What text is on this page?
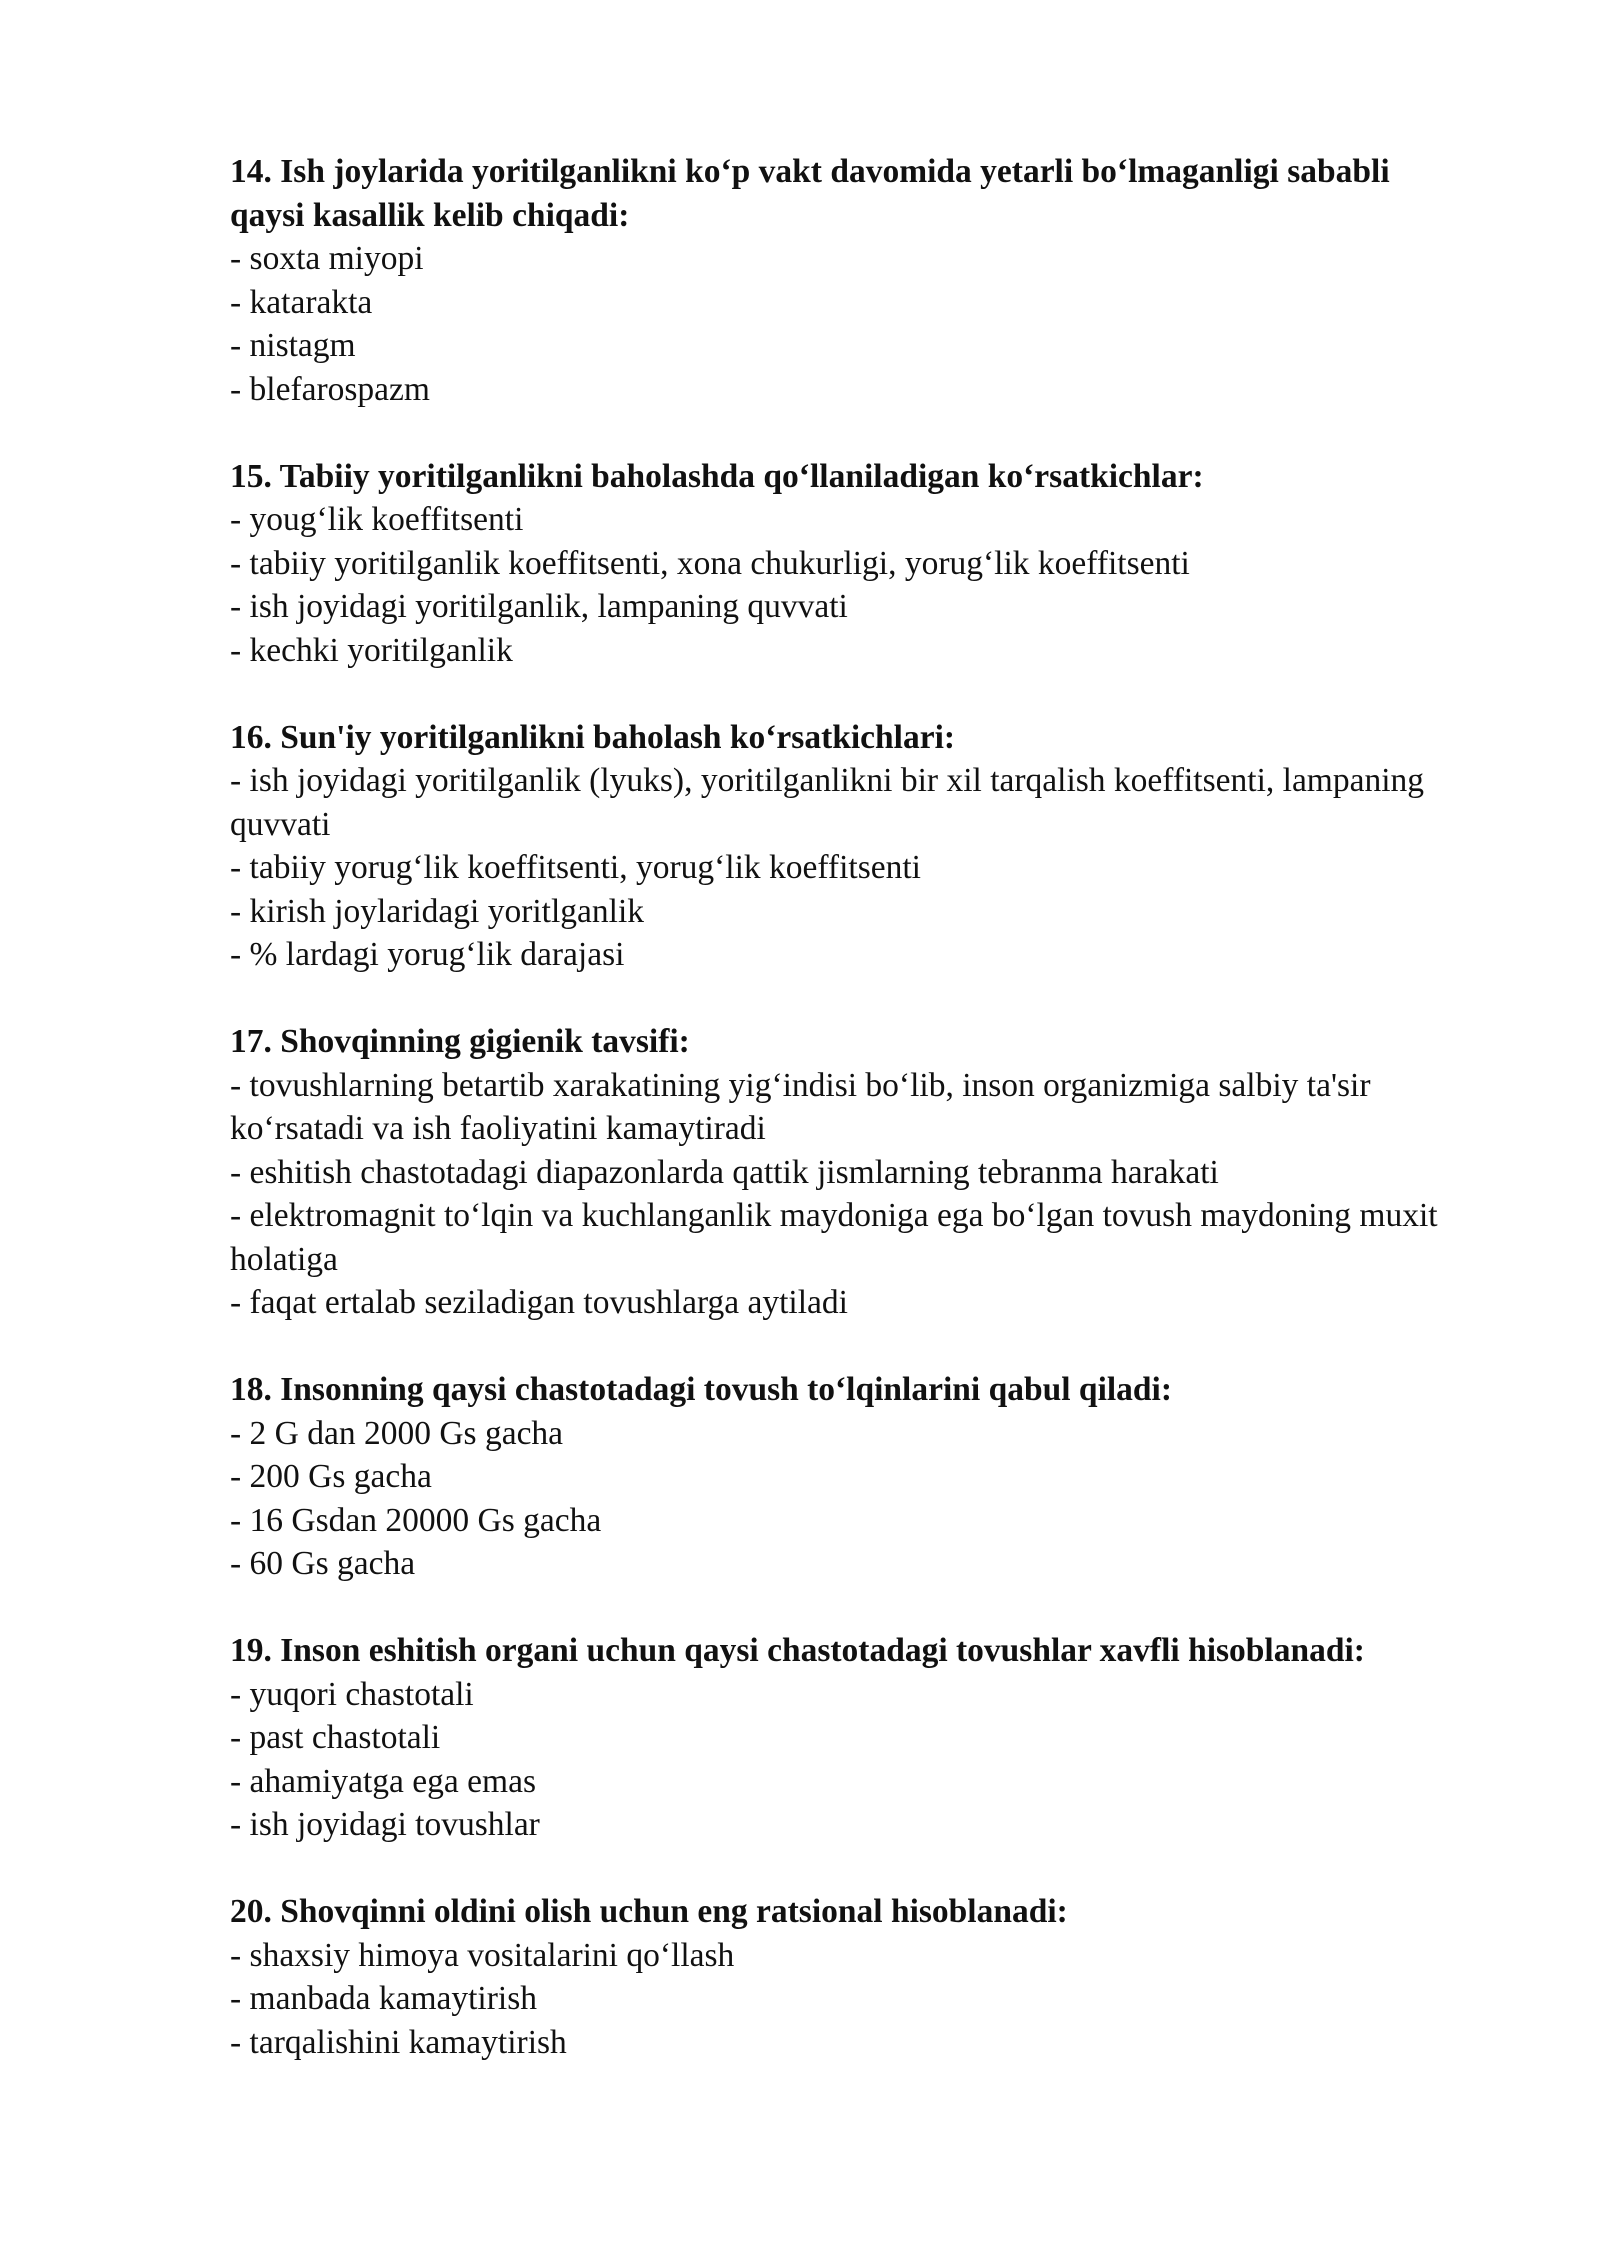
14. Ish joylarida yoritilganlikni ko‘p vakt davomida yetarli bo‘lmaganligi sababli qaysi kasallik kelib chiqadi:

- soxta miyopi
- katarakta
- nistagm
- blefarospazm

15. Tabiiy yoritilganlikni baholashda qo‘llaniladigan ko‘rsatkichlar:

- youg‘lik koeffitsenti
- tabiiy yoritilganlik koeffitsenti, xona chukurligi, yorug‘lik koeffitsenti
- ish joyidagi yoritilganlik, lampaning quvvati
- kechki yoritilganlik

16. Sun'iy yoritilganlikni baholash ko‘rsatkichlari:

- ish joyidagi yoritilganlik (lyuks), yoritilganlikni bir xil tarqalish koeffitsenti, lampaning quvvati
- tabiiy yorug‘lik koeffitsenti, yorug‘lik koeffitsenti
- kirish joylaridagi yoritlganlik
- % lardagi yorug‘lik darajasi

17. Shovqinning gigienik tavsifi:

- tovushlarning betartib xarakatining yig‘indisi bo‘lib, inson organizmiga salbiy ta'sir ko‘rsatadi va ish faoliyatini kamaytiradi
- eshitish chastotadagi diapazonlarda qattik jismlarning tebranma harakati
- elektromagnit to‘lqin va kuchlanganlik maydoniga ega bo‘lgan tovush maydoning muxit holatiga
- faqat ertalab seziladigan tovushlarga aytiladi

18. Insonning qaysi chastotadagi tovush to‘lqinlarini qabul qiladi:

- 2 G dan 2000 Gs gacha
- 200 Gs gacha
- 16 Gsdan 20000 Gs gacha
- 60 Gs gacha

19. Inson eshitish organi uchun qaysi chastotadagi tovushlar xavfli hisoblanadi:

- yuqori chastotali
- past chastotali
- ahamiyatga ega emas
- ish joyidagi tovushlar

20. Shovqinni oldini olish uchun eng ratsional hisoblanadi:

- shaxsiy himoya vositalarini qo‘llash
- manbada kamaytirish
- tarqalishini kamaytirish
